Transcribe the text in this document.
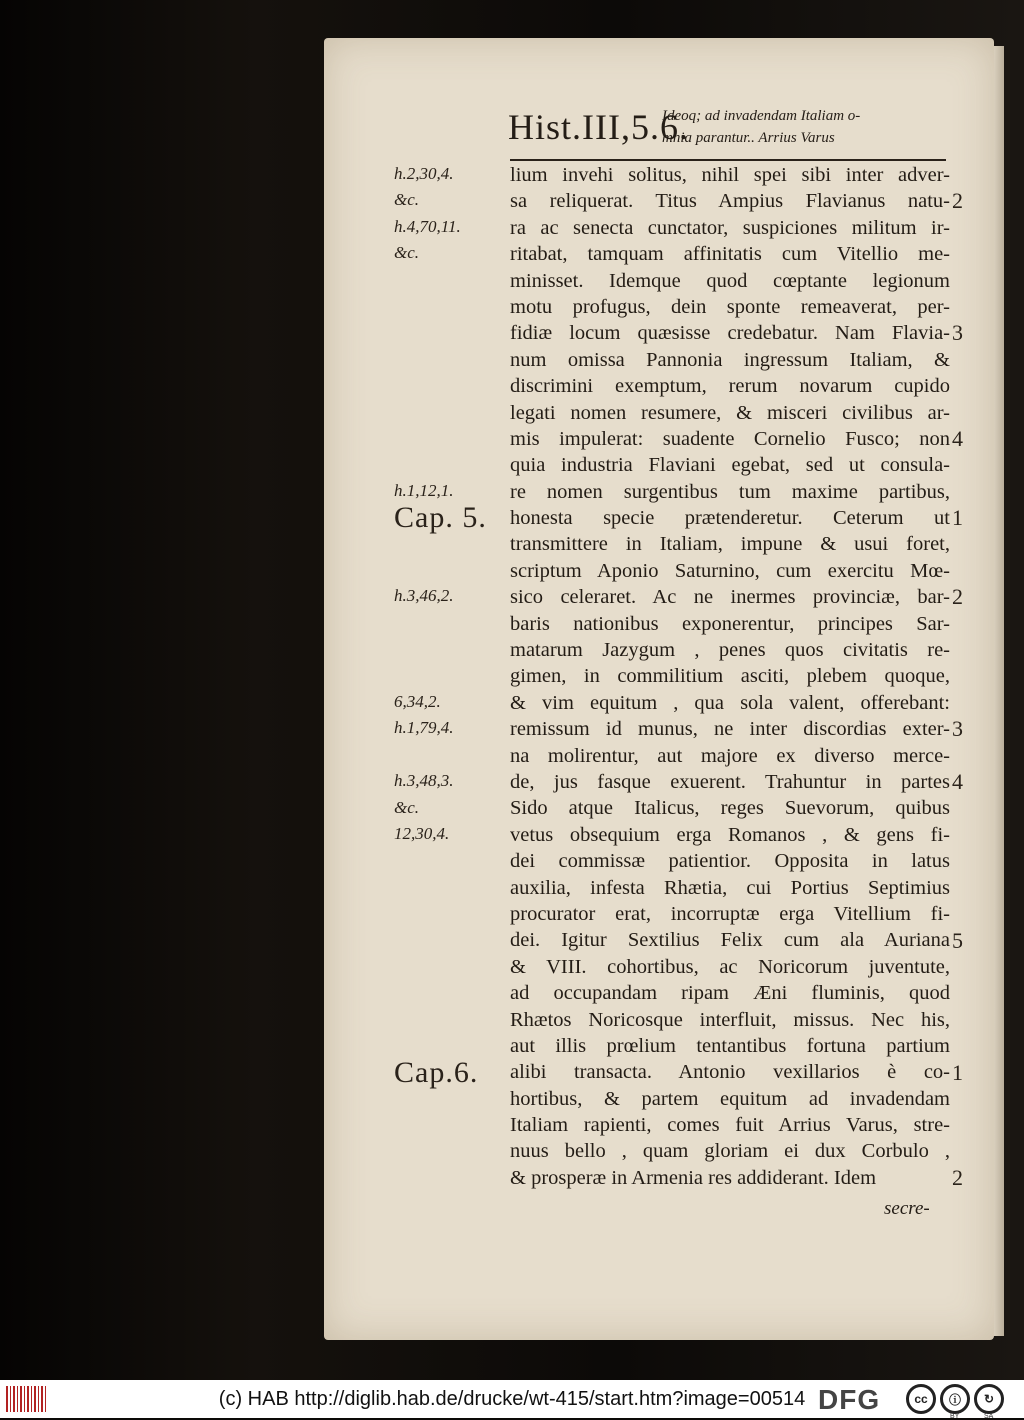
Hist.III,5.6.
Ideoq; ad invadendam Italiam o-
mnia parantur.. Arrius Varus
h.2,30,4.
&c.
h.4,70,11.
&c.
h.1,12,1.
Cap. 5.
h.3,46,2.
6,34,2.
h.1,79,4.
h.3,48,3.
&c.
12,30,4.
Cap.6.
lium invehi solitus, nihil spei sibi inter adver-
sa reliquerat. Titus Ampius Flavianus natu-
ra ac senecta cunctator, suspiciones militum ir-
ritabat, tamquam affinitatis cum Vitellio me-
minisset. Idemque quod cœptante legionum
motu profugus, dein sponte remeaverat, per-
fidiæ locum quæsisse credebatur. Nam Flavia-
num omissa Pannonia ingressum Italiam, &
discrimini exemptum, rerum novarum cupido
legati nomen resumere, & misceri civilibus ar-
mis impulerat: suadente Cornelio Fusco; non
quia industria Flaviani egebat, sed ut consula-
re nomen surgentibus tum maxime partibus,
honesta specie prætenderetur. Ceterum ut
transmittere in Italiam, impune & usui foret,
scriptum Aponio Saturnino, cum exercitu Mœ-
sico celeraret. Ac ne inermes provinciæ, bar-
baris nationibus exponerentur, principes Sar-
matarum Jazygum , penes quos civitatis re-
gimen, in commilitium asciti, plebem quoque,
& vim equitum , qua sola valent, offerebant:
remissum id munus, ne inter discordias exter-
na molirentur, aut majore ex diverso merce-
de, jus fasque exuerent. Trahuntur in partes
Sido atque Italicus, reges Suevorum, quibus
vetus obsequium erga Romanos , & gens fi-
dei commissæ patientior. Opposita in latus
auxilia, infesta Rhætia, cui Portius Septimius
procurator erat, incorruptæ erga Vitellium fi-
dei. Igitur Sextilius Felix cum ala Auriana
& VIII. cohortibus, ac Noricorum juventute,
ad occupandam ripam Æni fluminis, quod
Rhætos Noricosque interfluit, missus. Nec his,
aut illis prœlium tentantibus fortuna partium
alibi transacta. Antonio vexillarios è co-
hortibus, & partem equitum ad invadendam
Italiam rapienti, comes fuit Arrius Varus, stre-
nuus bello , quam gloriam ei dux Corbulo ,
& prosperæ in Armenia res addiderant. Idem
2
3
4
1
2
3
4
5
1
2
secre-
(c) HAB http://diglib.hab.de/drucke/wt-415/start.htm?image=00514 DFG	cc	ⓘ	↻
BY	SA
